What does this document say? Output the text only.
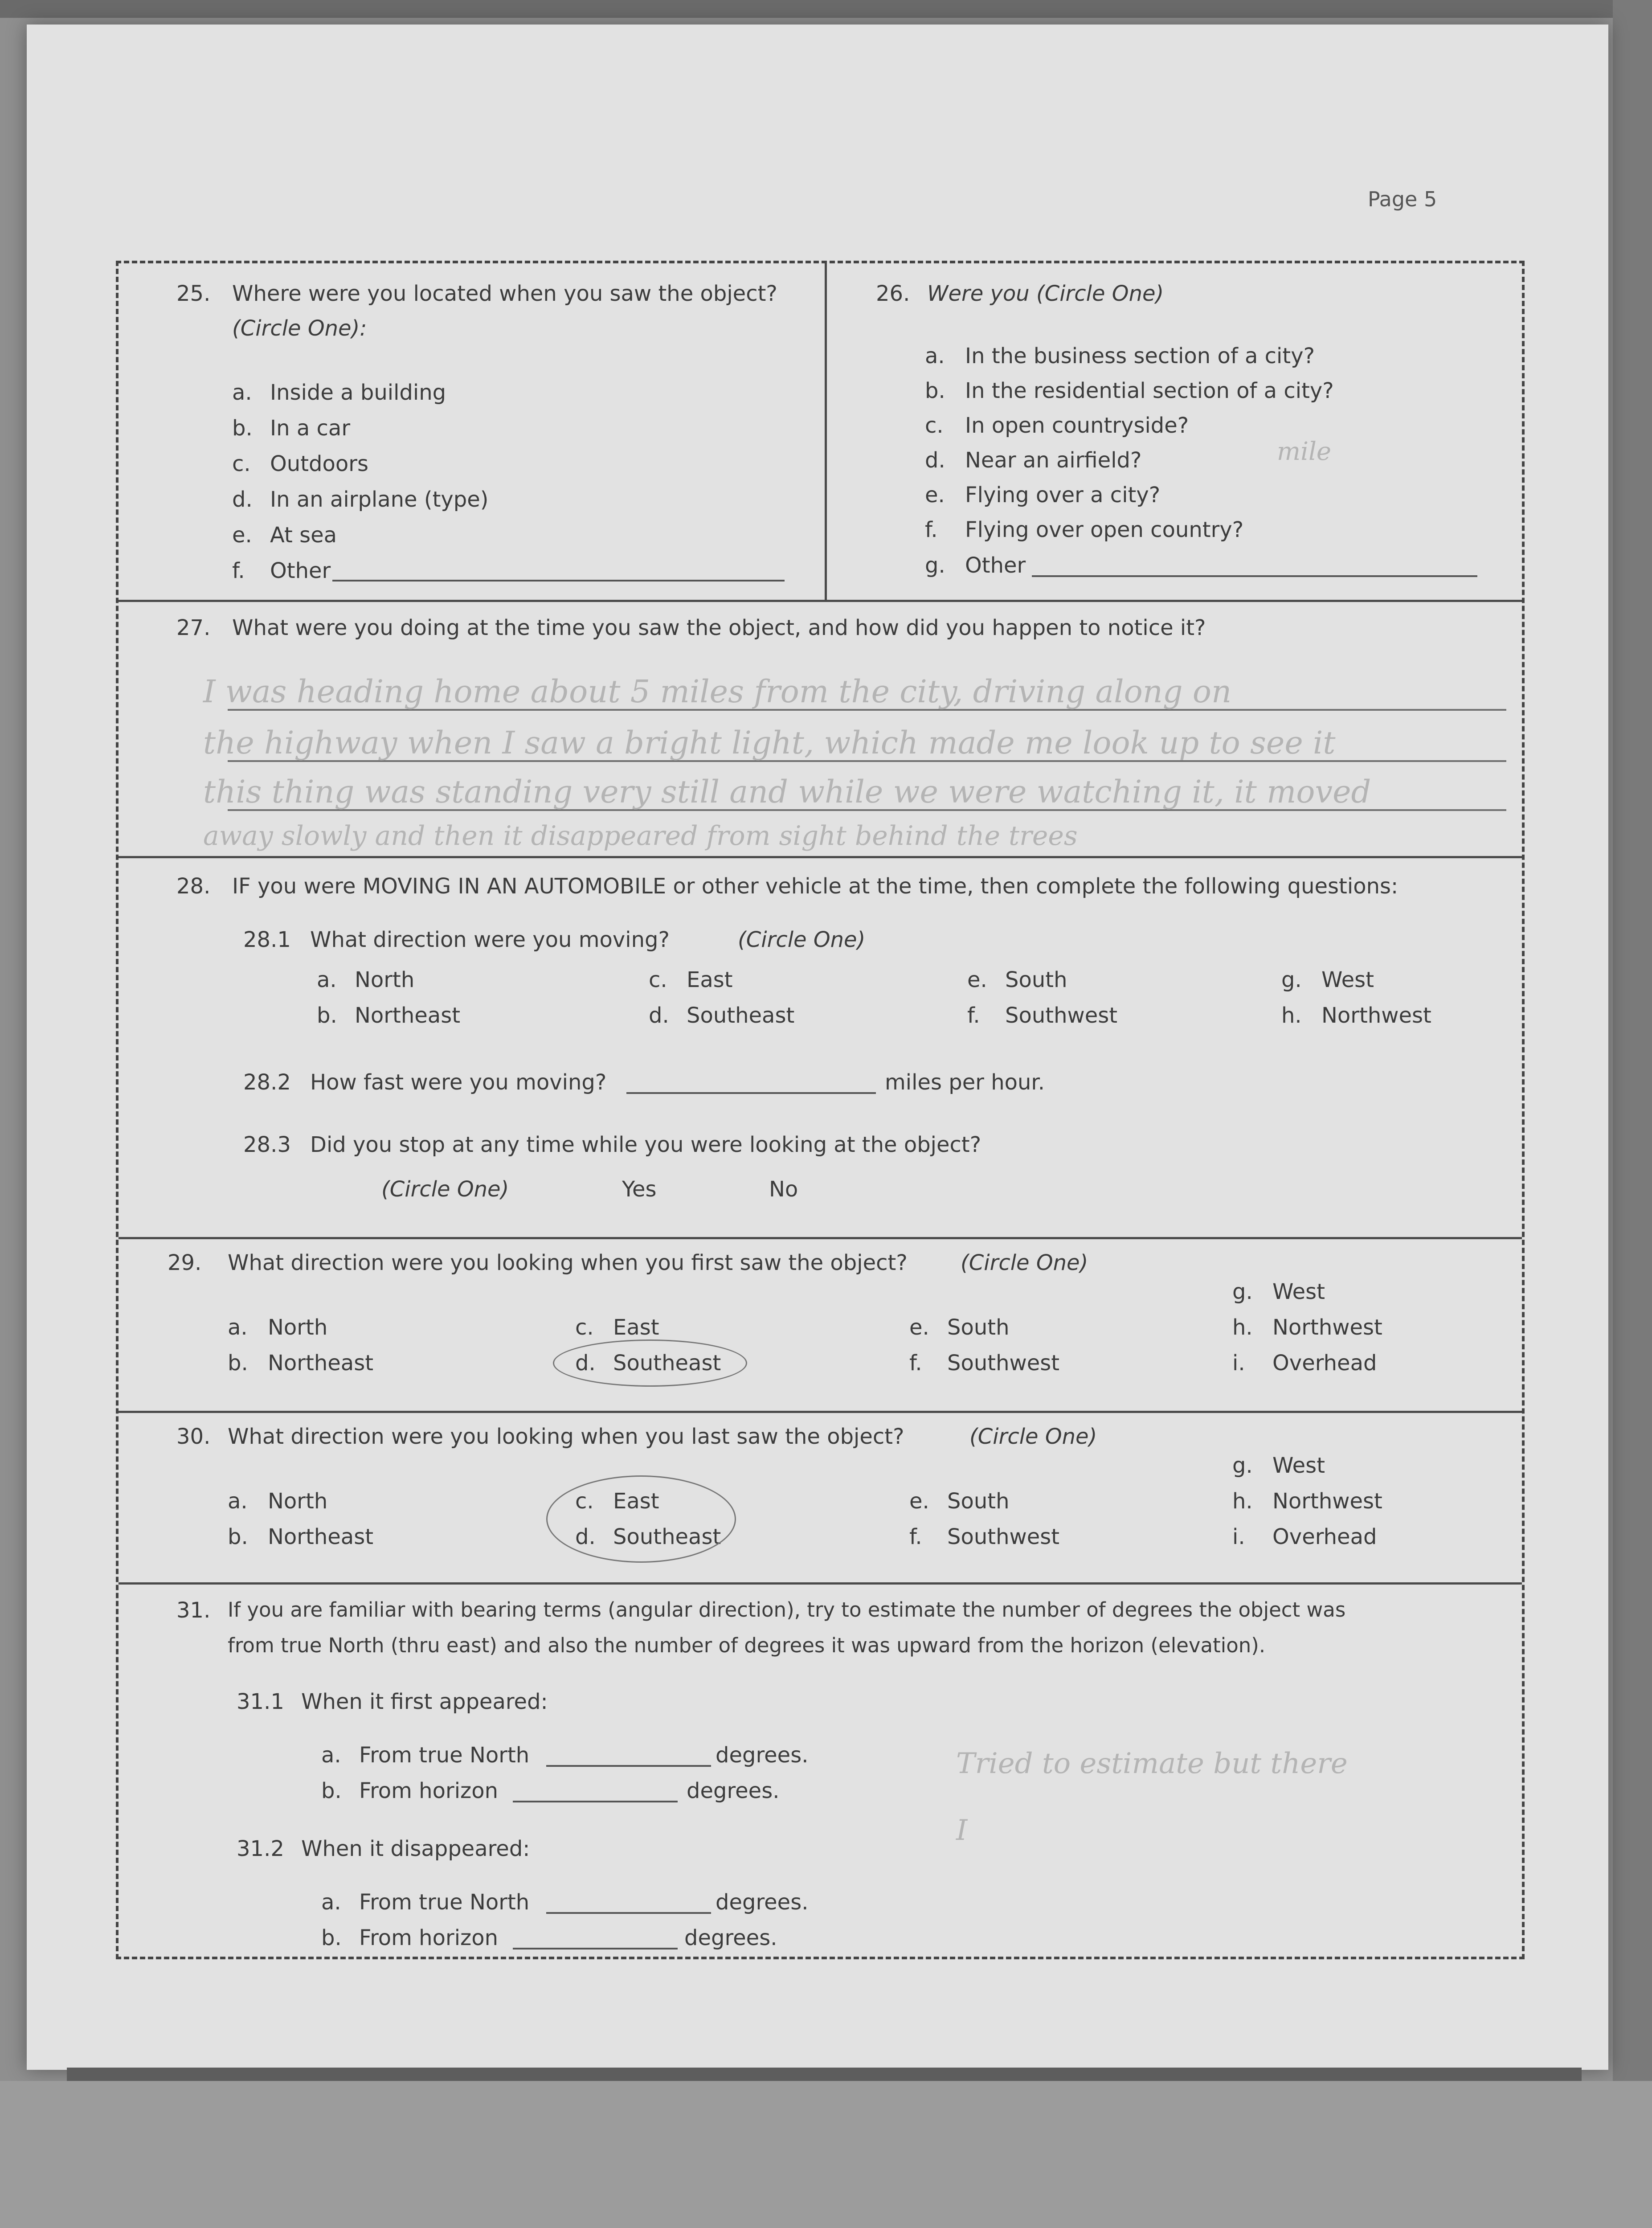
Page 5
25. Where were you located when you saw the object?
(Circle One):
a. Inside a building
b. In a car
c. Outdoors
d. In an airplane (type)
e. At sea
f. Other
26. Were you (Circle One)
a. In the business section of a city?
b. In the residential section of a city?
c. In open countryside?
d. Near an airfield?
e. Flying over a city?
f. Flying over open country?
g. Other
mile
27. What were you doing at the time you saw the object, and how did you happen to notice it?
I was heading home about 5 miles from the city, driving along on
the highway when I saw a bright light, which made me look up to see it
this thing was standing very still and while we were watching it, it moved
away slowly and then it disappeared from sight behind the trees
28. IF you were MOVING IN AN AUTOMOBILE or other vehicle at the time, then complete the following questions:
28.1 What direction were you moving?	(Circle One)
a. North	c. East	e. South	g. West
b. Northeast	d. Southeast	f. Southwest	h. Northwest
28.2 How fast were you moving?	miles per hour.
28.3 Did you stop at any time while you were looking at the object?
(Circle One)	Yes	No
29. What direction were you looking when you first saw the object? (Circle One)
g. West
a. North	c. East	e. South	h. Northwest
b. Northeast	d. Southeast	f. Southwest	i. Overhead
30. What direction were you looking when you last saw the object?	(Circle One)
g. West
a. North	c. East	e. South	h. Northwest
b. Northeast	d. Southeast	f. Southwest	i. Overhead
31. If you are familiar with bearing terms (angular direction), try to estimate the number of degrees the object was
from true North (thru east) and also the number of degrees it was upward from the horizon (elevation).
31.1 When it first appeared:
a. From true North	degrees.
b. From horizon	degrees.
31.2 When it disappeared:
a. From true North	degrees.
b. From horizon	degrees.
Tried to estimate but there
I
